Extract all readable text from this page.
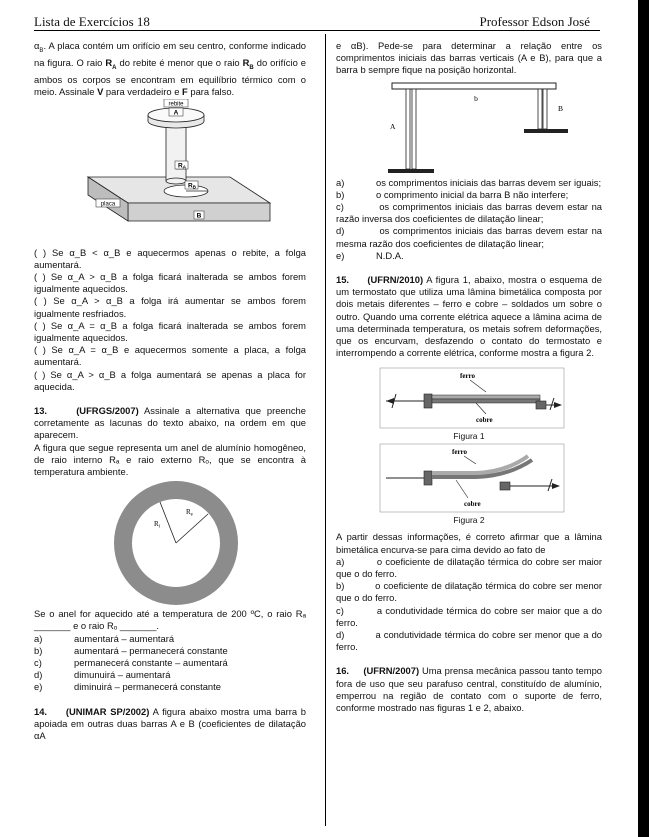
Lista de Exercícios 18	Professor Edson José

$\alpha_B$. A placa contém um orifício em seu centro, conforme indicado na figura. O raio $R_A$ do rebite é menor que o raio $R_B$ do orifício e ambos os corpos se encontram em equilíbrio térmico com o meio. Assinale V para verdadeiro e F para falso.

rebite
A
RA
RB
placa
B

( ) Se α_B < α_B e aquecermos apenas o rebite, a folga aumentará.

( ) Se α_A > α_B a folga ficará inalterada se ambos forem igualmente aquecidos.

( ) Se α_A > α_B a folga irá aumentar se ambos forem igualmente resfriados.

( ) Se α_A = α_B a folga ficará inalterada se ambos forem igualmente aquecidos.

( ) Se α_A = α_B e aquecermos somente a placa, a folga aumentará.

( ) Se α_A > α_B a folga aumentará se apenas a placa for aquecida.

13.	(UFRGS/2007) Assinale a alternativa que preenche corretamente as lacunas do texto abaixo, na ordem em que aparecem.

A figura que segue representa um anel de alumínio homogêneo, de raio interno Rₐ e raio externo Rₒ, que se encontra à temperatura ambiente.

$R_e$
$R_i$

Se o anel for aquecido até a temperatura de 200 ºC, o raio Rₐ _______ e o raio Rₒ _______.

a)	aumentará – aumentará
b)	aumentará – permanecerá constante
c)	permanecerá constante – aumentará
d)	dimunuirá – aumentará
e)	diminuirá – permanecerá constante

14. (UNIMAR SP/2002) A figura abaixo mostra uma barra b apoiada em outras duas barras A e B (coeficientes de dilatação αA

e αB). Pede-se para determinar a relação entre os comprimentos iniciais das barras verticais (A e B), para que a barra b sempre fique na posição horizontal.

b
A
B
a)	os comprimentos iniciais das barras devem ser iguais;
b)	o comprimento inicial da barra B não interfere;

c)	os comprimentos iniciais das barras devem estar na razão inversa dos coeficientes de dilatação linear;

d)	os comprimentos iniciais das barras devem estar na mesma razão dos coeficientes de dilatação linear;

e)	N.D.A.

15. (UFRN/2010) A figura 1, abaixo, mostra o esquema de um termostato que utiliza uma lâmina bimetálica composta por dois metais diferentes – ferro e cobre – soldados um sobre o outro. Quando uma corrente elétrica aquece a lâmina acima de uma determinada temperatura, os metais sofrem deformações, que os encurvam, desfazendo o contato do termostato e interrompendo a corrente elétrica, conforme mostra a figura 2.

ferro
cobre
Figura 1
ferro
cobre
Figura 2

A partir dessas informações, é correto afirmar que a lâmina bimetálica encurva-se para cima devido ao fato de

a)	o coeficiente de dilatação térmica do cobre ser maior que o do ferro.

b)	o coeficiente de dilatação térmica do cobre ser menor que o do ferro.

c)	a condutividade térmica do cobre ser maior que a do ferro.

d)	a condutividade térmica do cobre ser menor que a do ferro.

16. (UFRN/2007) Uma prensa mecânica passou tanto tempo fora de uso que seu parafuso central, constituído de alumínio, emperrou na região de contato com o suporte de ferro, conforme mostrado nas figuras 1 e 2, abaixo.
